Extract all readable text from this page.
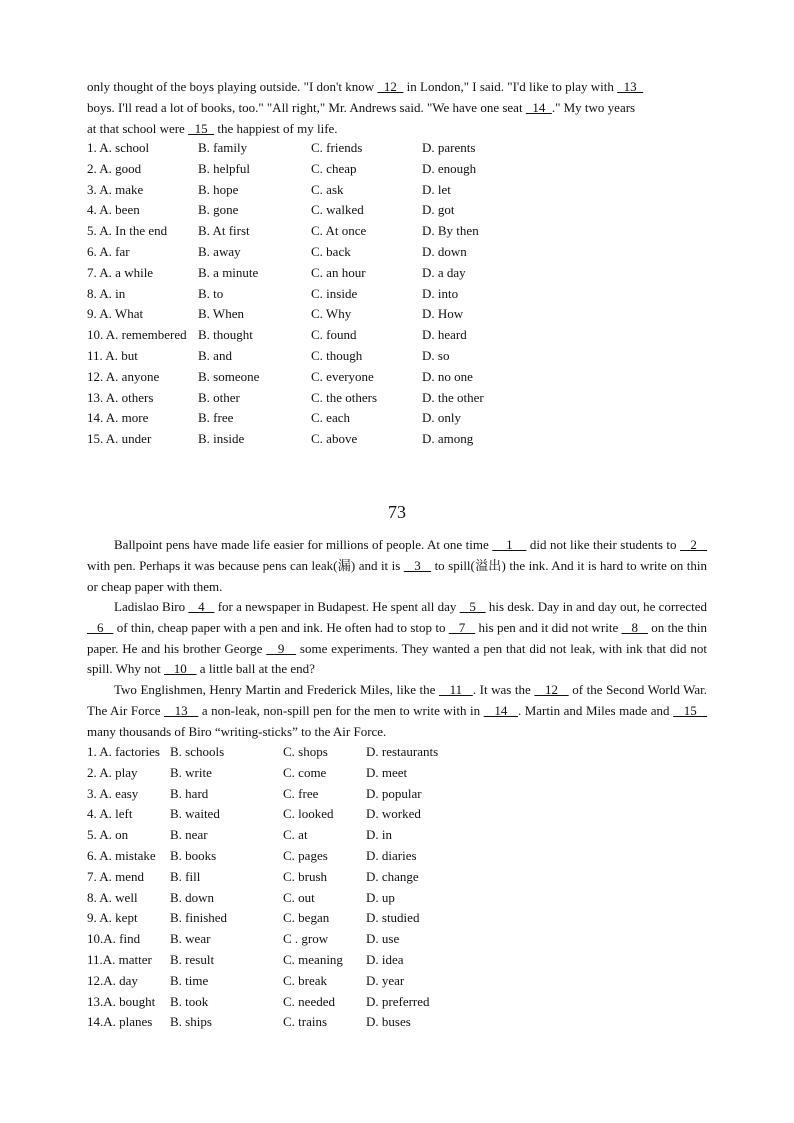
only thought of the boys playing outside. "I don't know   12   in London," I said. "I'd like to play with   13

boys. I'll read a lot of books, too." "All right," Mr. Andrews said. "We have one seat   14  ." My two years

at that school were   15   the happiest of my life.

1. A. school	B. family	C. friends	D. parents
2. A. good	B. helpful	C. cheap	D. enough
3. A. make	B. hope	C. ask	D. let
4. A. been	B. gone	C. walked	D. got
5. A. In the end B. At first	C. At once	D. By then
6. A. far	B. away	C. back	D. down
7. A. a while	B. a minute	C. an hour	D. a day
8. A. in	B. to	C. inside	D. into
9. A. What	B. When	C. Why	D. How
10. A. remembered B. thought	C. found	D. heard
11. A. but	B. and	C. though	D. so
12. A. anyone	B. someone	C. everyone	D. no one
13. A. others	B. other	C. the others	D. the other
14. A. more	B. free	C. each	D. only
15. A. under	B. inside	C. above	D. among
73

Ballpoint pens have made life easier for millions of people. At one time     1     did not like their students to    2    with pen. Perhaps it was because pens can leak(漏) and it is    3    to spill(溢出) the ink. And it is hard to write on thin or cheap paper with them.

Ladislao Biro    4    for a newspaper in Budapest. He spent all day    5    his desk. Day in and day out, he corrected    6    of thin, cheap paper with a pen and ink. He often had to stop to    7    his pen and it did not write    8    on the thin paper. He and his brother George    9    some experiments. They wanted a pen that did not leak, with ink that did not spill. Why not    10    a little ball at the end?

Two Englishmen, Henry Martin and Frederick Miles, like the    11   . It was the    12    of the Second World War. The Air Force    13    a non-leak, non-spill pen for the men to write with in    14   . Martin and Miles made and    15    many thousands of Biro “writing-sticks” to the Air Force.

1. A. factories B. schools	C. shops	D. restaurants
2. A. play B. write	C. come	D. meet
3. A. easy B. hard	C. free	D. popular
4. A. left	B. waited	C. looked D. worked
5. A. on	B. near	C. at	D. in
6. A. mistake B. books	C. pages	D. diaries
7. A. mend B. fill	C. brush	D. change
8. A. well B. down	C. out	D. up
9. A. kept B. finished	C. began	D. studied
10.A. find B. wear	C . grow	D. use
11.A. matter B. result	C. meaning D. idea
12.A. day B. time	C. break	D. year
13.A. bought B. took	C. needed D. preferred
14.A. planes B. ships	C. trains	D. buses
